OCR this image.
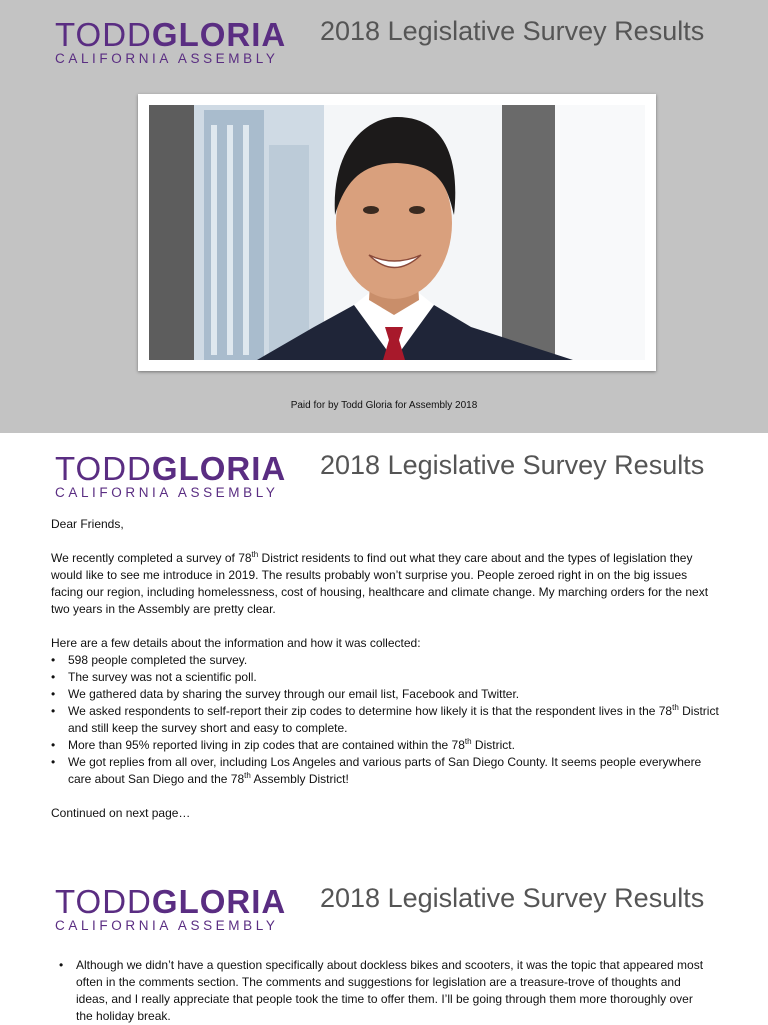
TODDGLORIA
CALIFORNIA ASSEMBLY
2018 Legislative Survey Results
Paid for by Todd Gloria for Assembly 2018
TODDGLORIA
CALIFORNIA ASSEMBLY
2018 Legislative Survey Results

Dear Friends,

We recently completed a survey of 78th District residents to find out what they care about and the types of legislation they would like to see me introduce in 2019. The results probably won’t surprise you. People zeroed right in on the big issues facing our region, including homelessness, cost of housing, healthcare and climate change. My marching orders for the next two years in the Assembly are pretty clear.

Here are a few details about the information and how it was collected:

• 598 people completed the survey.
• The survey was not a scientific poll.
• We gathered data by sharing the survey through our email list, Facebook and Twitter.
• We asked respondents to self-report their zip codes to determine how likely it is that the respondent lives in the 78th District and still keep the survey short and easy to complete.
• More than 95% reported living in zip codes that are contained within the 78th District.
• We got replies from all over, including Los Angeles and various parts of San Diego County. It seems people everywhere care about San Diego and the 78th Assembly District!

Continued on next page…

TODDGLORIA
CALIFORNIA ASSEMBLY
2018 Legislative Survey Results
• Although we didn’t have a question specifically about dockless bikes and scooters, it was the topic that appeared most often in the comments section. The comments and suggestions for legislation are a treasure-trove of thoughts and ideas, and I really appreciate that people took the time to offer them. I’ll be going through them more thoroughly over the holiday break.
